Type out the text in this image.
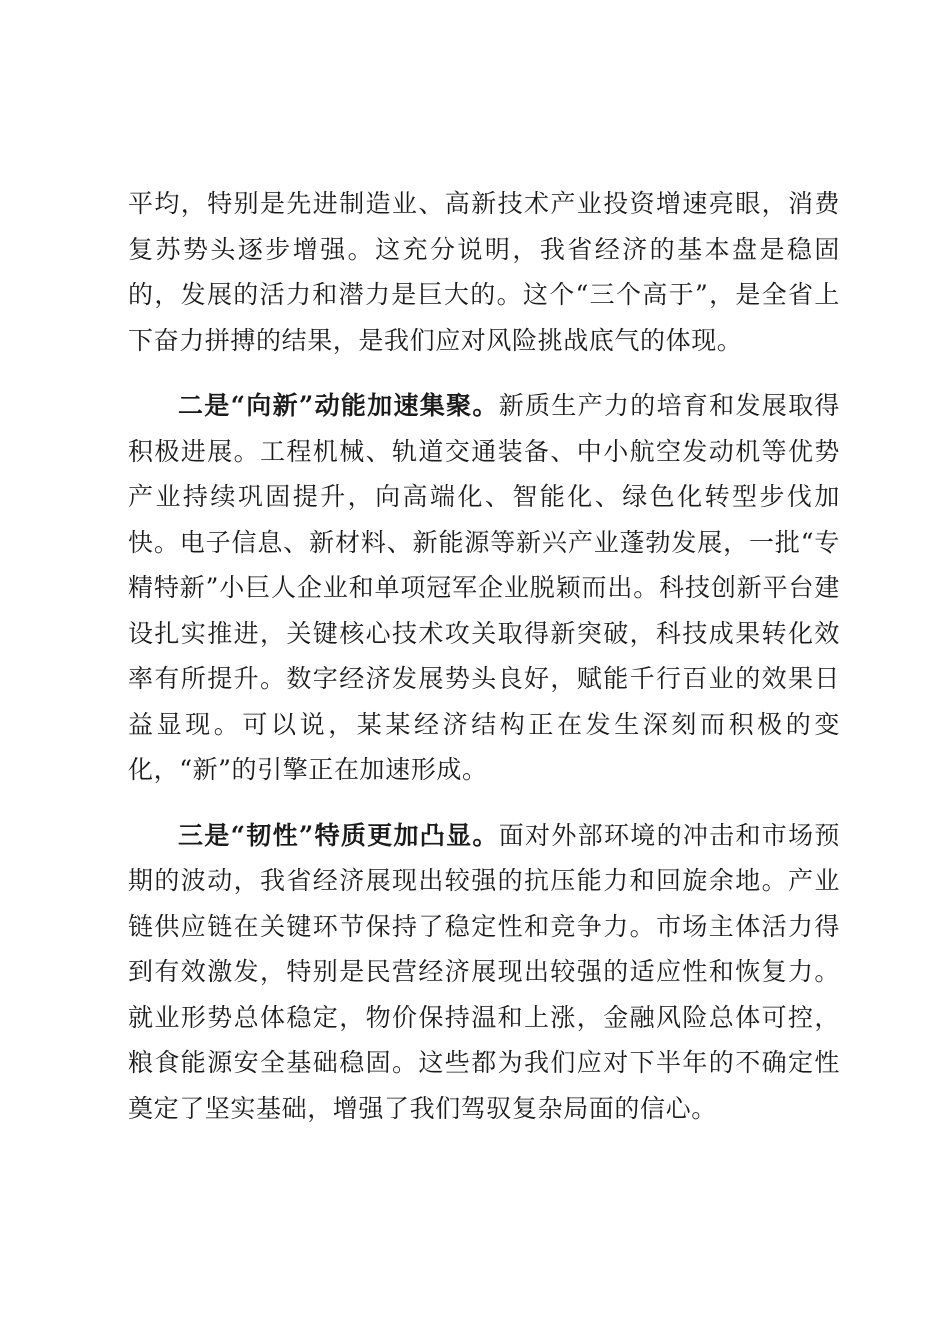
平均，特别是先进制造业、高新技术产业投资增速亮眼，消费复苏势头逐步增强。这充分说明，我省经济的基本盘是稳固的，发展的活力和潜力是巨大的。这个“三个高于”，是全省上下奋力拼搏的结果，是我们应对风险挑战底气的体现。

二是“向新”动能加速集聚。新质生产力的培育和发展取得积极进展。工程机械、轨道交通装备、中小航空发动机等优势产业持续巩固提升，向高端化、智能化、绿色化转型步伐加快。电子信息、新材料、新能源等新兴产业蓬勃发展，一批“专精特新”小巨人企业和单项冠军企业脱颖而出。科技创新平台建设扎实推进，关键核心技术攻关取得新突破，科技成果转化效率有所提升。数字经济发展势头良好，赋能千行百业的效果日益显现。可以说，某某经济结构正在发生深刻而积极的变化，“新”的引擎正在加速形成。

三是“韧性”特质更加凸显。面对外部环境的冲击和市场预期的波动，我省经济展现出较强的抗压能力和回旋余地。产业链供应链在关键环节保持了稳定性和竞争力。市场主体活力得到有效激发，特别是民营经济展现出较强的适应性和恢复力。就业形势总体稳定，物价保持温和上涨，金融风险总体可控，粮食能源安全基础稳固。这些都为我们应对下半年的不确定性奠定了坚实基础，增强了我们驾驭复杂局面的信心。
